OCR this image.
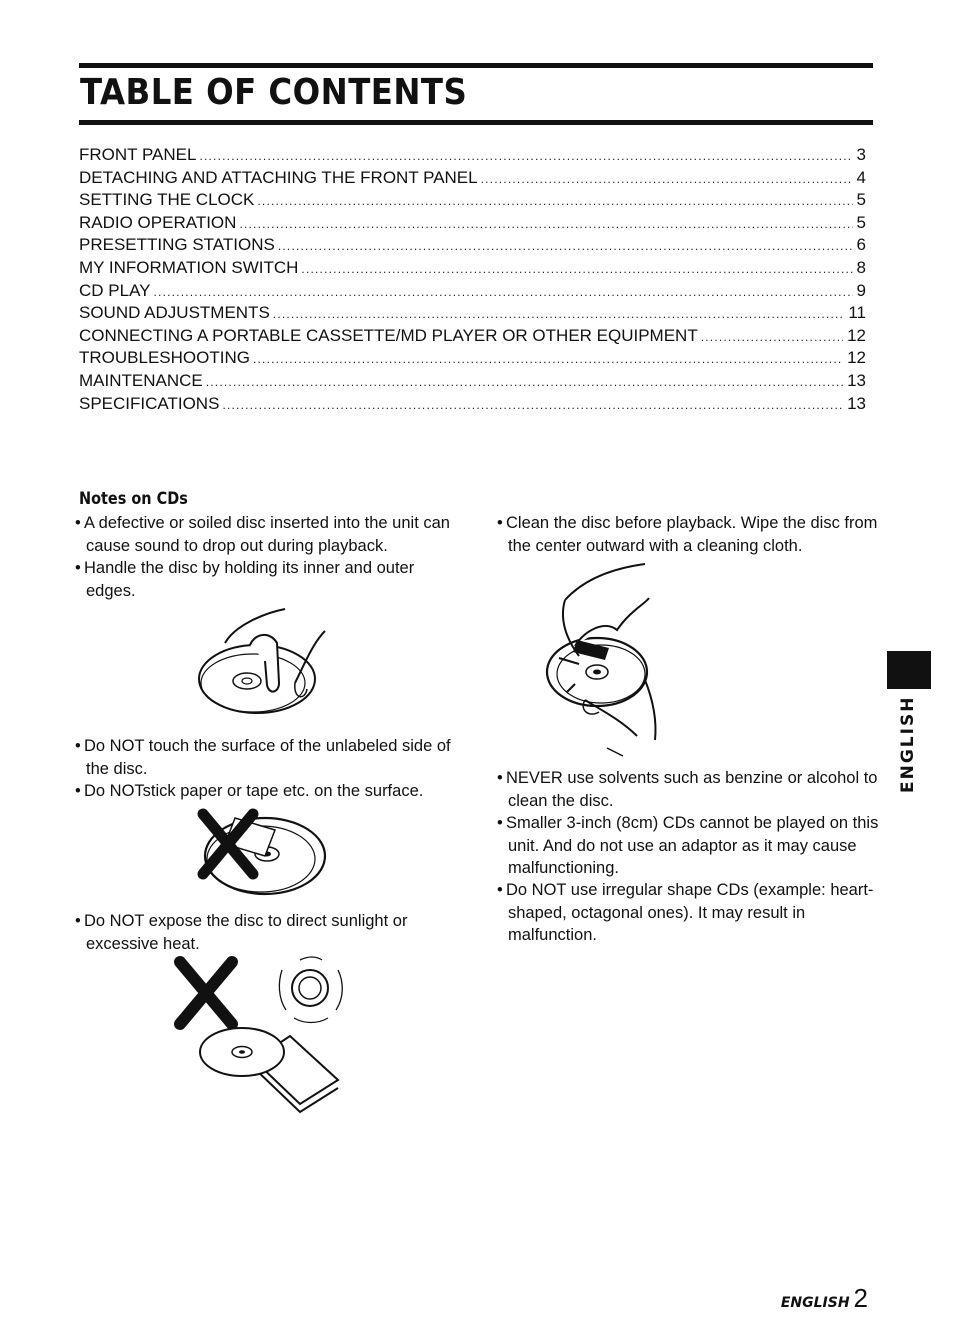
TABLE OF CONTENTS
FRONT PANEL .....	3
DETACHING AND ATTACHING THE FRONT PANEL .....	4
SETTING THE CLOCK .....	5
RADIO OPERATION .....	5
PRESETTING STATIONS .....	6
MY INFORMATION SWITCH .....	8
CD PLAY .....	9
SOUND ADJUSTMENTS .....	11
CONNECTING A PORTABLE CASSETTE/MD PLAYER OR OTHER EQUIPMENT .....	12
TROUBLESHOOTING .....	12
MAINTENANCE .....	13
SPECIFICATIONS .....	13
Notes on CDs
• A defective or soiled disc inserted into the unit can cause sound to drop out during playback.
• Handle the disc by holding its inner and outer edges.
• Do NOT touch the surface of the unlabeled side of the disc.
• Do NOTstick paper or tape etc. on the surface.
• Do NOT expose the disc to direct sunlight or excessive heat.
• Clean the disc before playback. Wipe the disc from the center outward with a cleaning cloth.
• NEVER use solvents such as benzine or alcohol to clean the disc.
• Smaller 3-inch (8cm) CDs cannot be played on this unit. And do not use an adaptor as it may cause malfunctioning.
• Do NOT use irregular shape CDs (example: heart-shaped, octagonal ones). It may result in malfunction.
ENGLISH
ENGLISH 2
